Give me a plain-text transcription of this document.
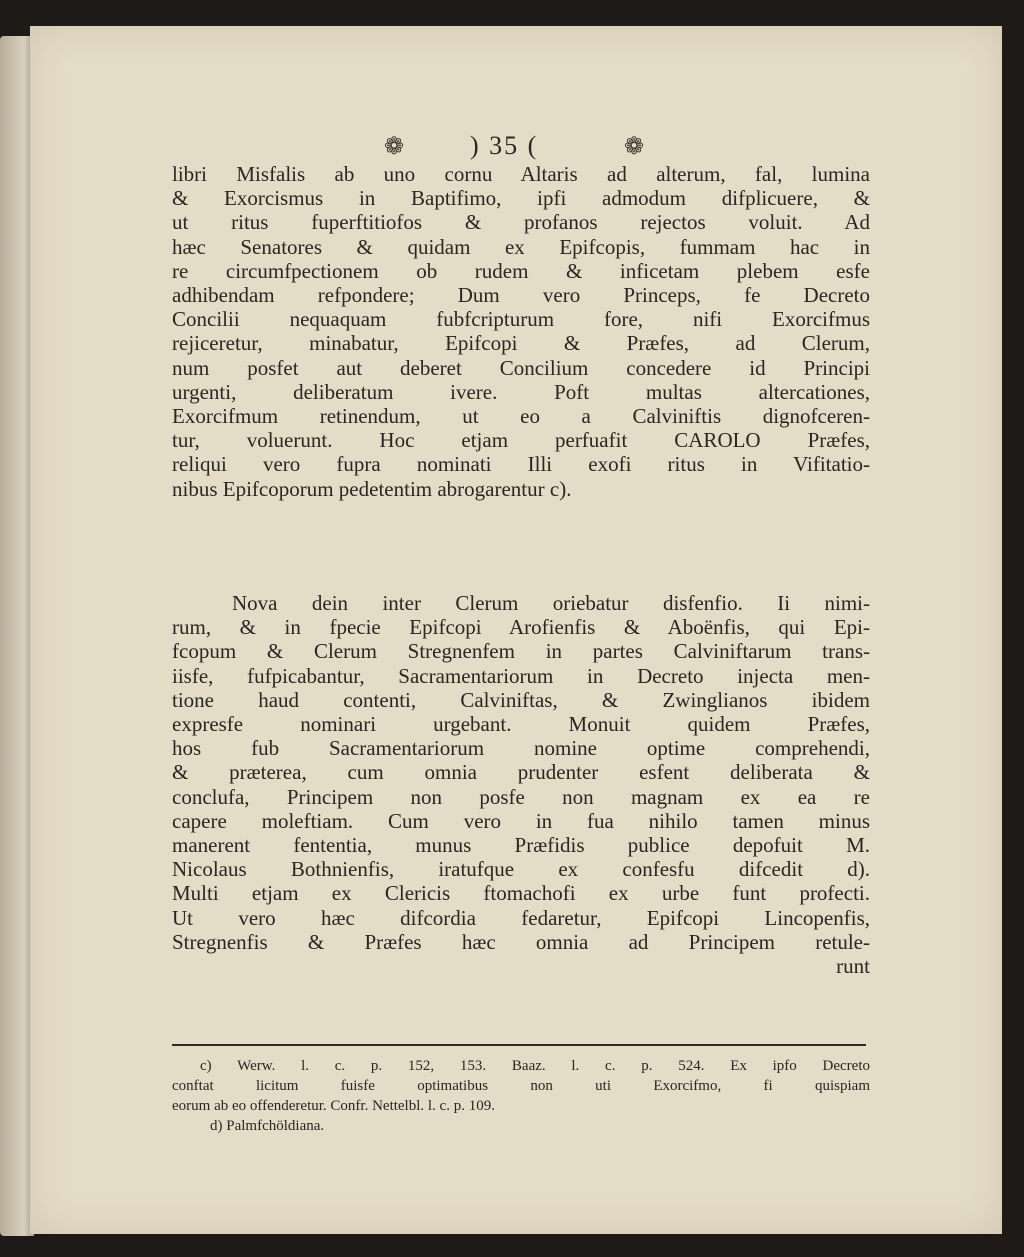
❁	) 35 (	❁
libri Misfalis ab uno cornu Altaris ad alterum, fal, lumina
& Exorcismus in Baptifimo, ipfi admodum difplicuere, &
ut ritus fuperftitiofos & profanos rejectos voluit. Ad
hæc Senatores & quidam ex Epifcopis, fummam hac in
re circumfpectionem ob rudem & inficetam plebem esfe
adhibendam refpondere; Dum vero Princeps, fe Decreto
Concilii nequaquam fubfcripturum fore, nifi Exorcifmus
rejiceretur, minabatur, Epifcopi & Præfes, ad Clerum,
num posfet aut deberet Concilium concedere id Principi
urgenti, deliberatum ivere. Poft multas altercationes,
Exorcifmum retinendum, ut eo a Calviniftis dignofceren-
tur, voluerunt. Hoc etjam perfuafit CAROLO Præfes,
reliqui vero fupra nominati Illi exofi ritus in Vifitatio-
nibus Epifcoporum pedetentim abrogarentur c).
Nova dein inter Clerum oriebatur disfenfio. Ii nimi-
rum, & in fpecie Epifcopi Arofienfis & Aboënfis, qui Epi-
fcopum & Clerum Stregnenfem in partes Calviniftarum trans-
iisfe, fufpicabantur, Sacramentariorum in Decreto injecta men-
tione haud contenti, Calviniftas, & Zwinglianos ibidem
expresfe nominari urgebant. Monuit quidem Præfes,
hos fub Sacramentariorum nomine optime comprehendi,
& præterea, cum omnia prudenter esfent deliberata &
conclufa, Principem non posfe non magnam ex ea re
capere moleftiam. Cum vero in fua nihilo tamen minus
manerent fententia, munus Præfidis publice depofuit M.
Nicolaus Bothnienfis, iratufque ex confesfu difcedit d).
Multi etjam ex Clericis ftomachofi ex urbe funt profecti.
Ut vero hæc difcordia fedaretur, Epifcopi Lincopenfis,
Stregnenfis & Præfes hæc omnia ad Principem retule-
runt
c) Werw. l. c. p. 152, 153. Baaz. l. c. p. 524. Ex ipfo Decreto
conftat licitum fuisfe optimatibus non uti Exorcifmo, fi quispiam
eorum ab eo offenderetur. Confr. Nettelbl. l. c. p. 109.
d) Palmfchöldiana.
